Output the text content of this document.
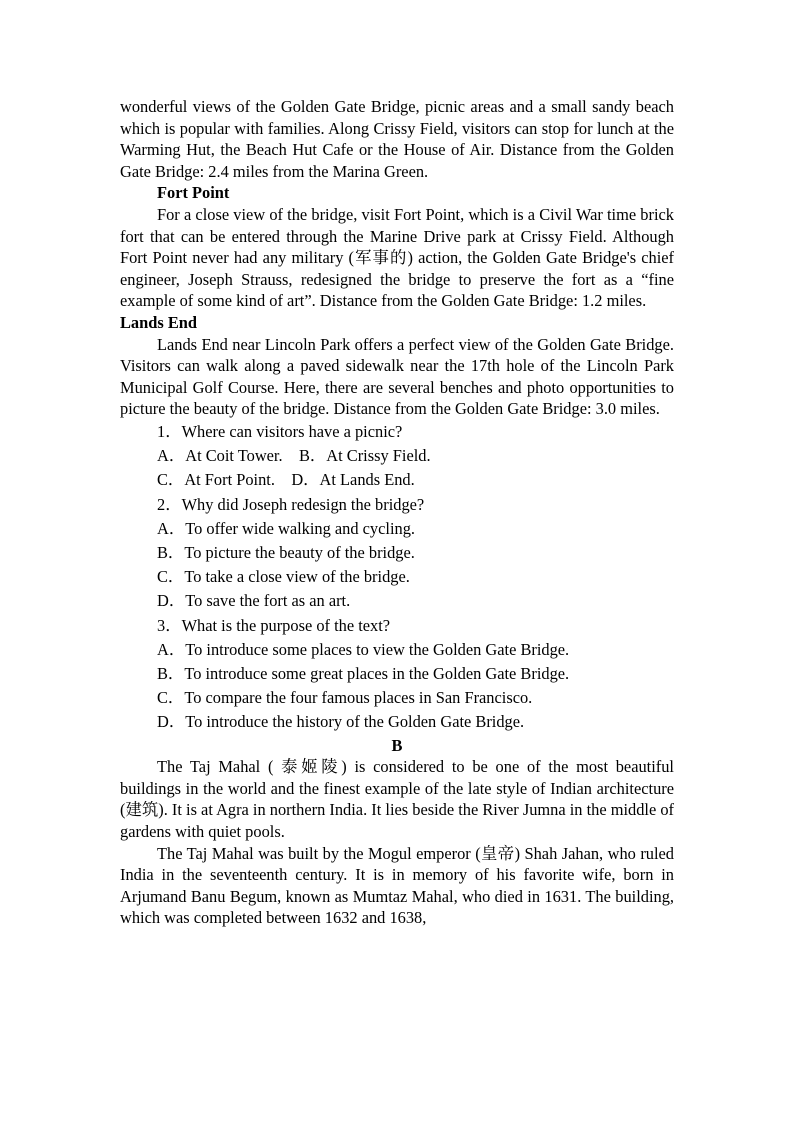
wonderful views of the Golden Gate Bridge, picnic areas and a small sandy beach which is popular with families. Along Crissy Field, visitors can stop for lunch at the Warming Hut, the Beach Hut Cafe or the House of Air. Distance from the Golden Gate Bridge: 2.4 miles from the Marina Green.

Fort Point

For a close view of the bridge, visit Fort Point, which is a Civil War time brick fort that can be entered through the Marine Drive park at Crissy Field. Although Fort Point never had any military (军事的) action, the Golden Gate Bridge's chief engineer, Joseph Strauss, redesigned the bridge to preserve the fort as a “fine example of some kind of art”. Distance from the Golden Gate Bridge: 1.2 miles.

Lands End

Lands End near Lincoln Park offers a perfect view of the Golden Gate Bridge. Visitors can walk along a paved sidewalk near the 17th hole of the Lincoln Park Municipal Golf Course. Here, there are several benches and photo opportunities to picture the beauty of the bridge. Distance from the Golden Gate Bridge: 3.0 miles.

1．Where can visitors have a picnic?

A．At Coit Tower.　B．At Crissy Field.

C．At Fort Point.　D．At Lands End.

2．Why did Joseph redesign the bridge?

A．To offer wide walking and cycling.

B．To picture the beauty of the bridge.

C．To take a close view of the bridge.

D．To save the fort as an art.

3．What is the purpose of the text?

A．To introduce some places to view the Golden Gate Bridge.

B．To introduce some great places in the Golden Gate Bridge.

C．To compare the four famous places in San Francisco.

D．To introduce the history of the Golden Gate Bridge.

B

The Taj Mahal ( 泰姬陵) is considered to be one of the most beautiful buildings in the world and the finest example of the late style of Indian architecture (建筑). It is at Agra in northern India. It lies beside the River Jumna in the middle of gardens with quiet pools.

The Taj Mahal was built by the Mogul emperor (皇帝) Shah Jahan, who ruled India in the seventeenth century. It is in memory of his favorite wife, born in Arjumand Banu Begum, known as Mumtaz Mahal, who died in 1631. The building, which was completed between 1632 and 1638,
